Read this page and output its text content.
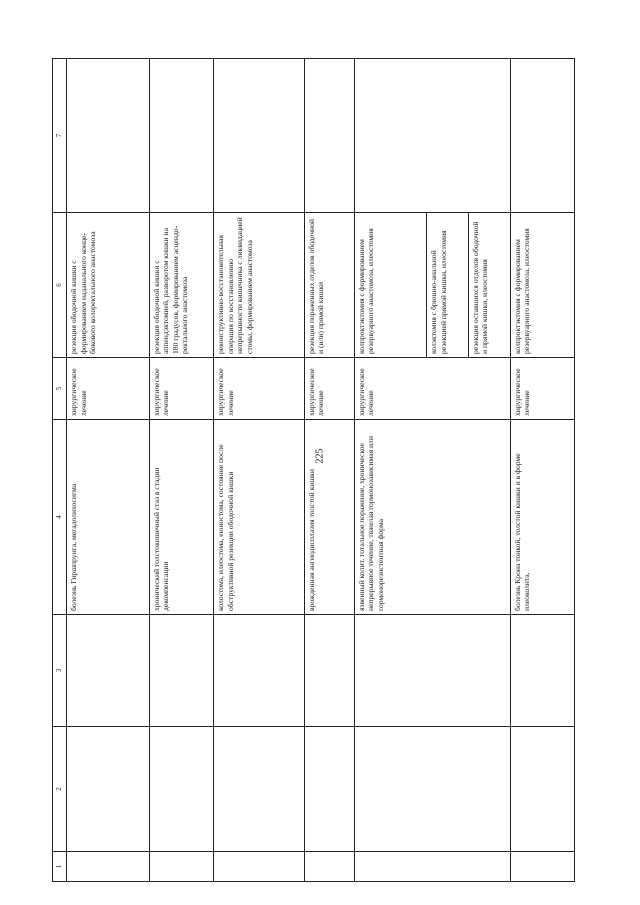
225
1	2	3	4	5	6	7
			болезнь Гиршпрунга, мегадолихосигма	хирургическое лечение	резекция ободочной кишки с формированием наданального конце-бокового колоректального анастомоза	
			хронический толстокишечный стаз в стадии декомпенсации	хирургическое лечение	резекция ободочной кишки с аппендэктомией, разворотом кишки на 180 градусов, формированием асцендо-ректального анастомоза	
			колостома, илеостома, еюностома, состояние после обструктивной резекции ободочной кишки	хирургическое лечение	реконструктивно-восстановительная операция по восстановлению непрерывности кишечника с ликвидацией стомы, формированием анастомоза	
			врожденная ангиодисплазия толстой кишки	хирургическое лечение	резекция пораженных отделов ободочной и (или) прямой кишки	
			язвенный колит, тотальное поражение, хроническое непрерывное течение, тяжелая гормонозависимая или гормонорезистентная форма	хирургическое лечение	колпроктэктомия с формированием резервуарного анастомоза, илеостомия	
					колэктомия с брюшно-анальной резекцией прямой кишки, илеостомия	
					резекция оставшихся отделов ободочной и прямой кишки, илеостомия	
			болезнь Крона тонкой, толстой кишки и в форме илеоколита,	хирургическое лечение	колпроктэктомия с формированием резервуарного анастомоза, илеостомия	
